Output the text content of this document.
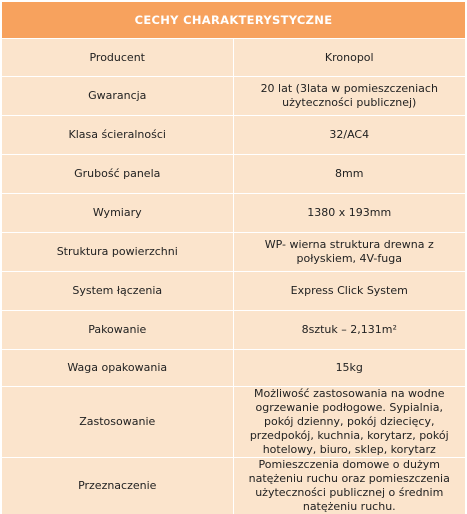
CECHY CHARAKTERYSTYCZNE	
Producent	Kronopol
Gwarancja	20 lat (3lata w pomieszczeniach użyteczności publicznej)
Klasa ścieralności	32/AC4
Grubość panela	8mm
Wymiary	1380 x 193mm
Struktura powierzchni	WP- wierna struktura drewna z połyskiem, 4V-fuga
System łączenia	Express Click System
Pakowanie	8sztuk – 2,131m²
Waga opakowania	15kg
Zastosowanie	Możliwość zastosowania na wodne ogrzewanie podłogowe. Sypialnia, pokój dzienny, pokój dziecięcy, przedpokój, kuchnia, korytarz, pokój hotelowy, biuro, sklep, korytarz
Przeznaczenie	Pomieszczenia domowe o dużym natężeniu ruchu oraz pomieszczenia użyteczności publicznej o średnim natężeniu ruchu.
